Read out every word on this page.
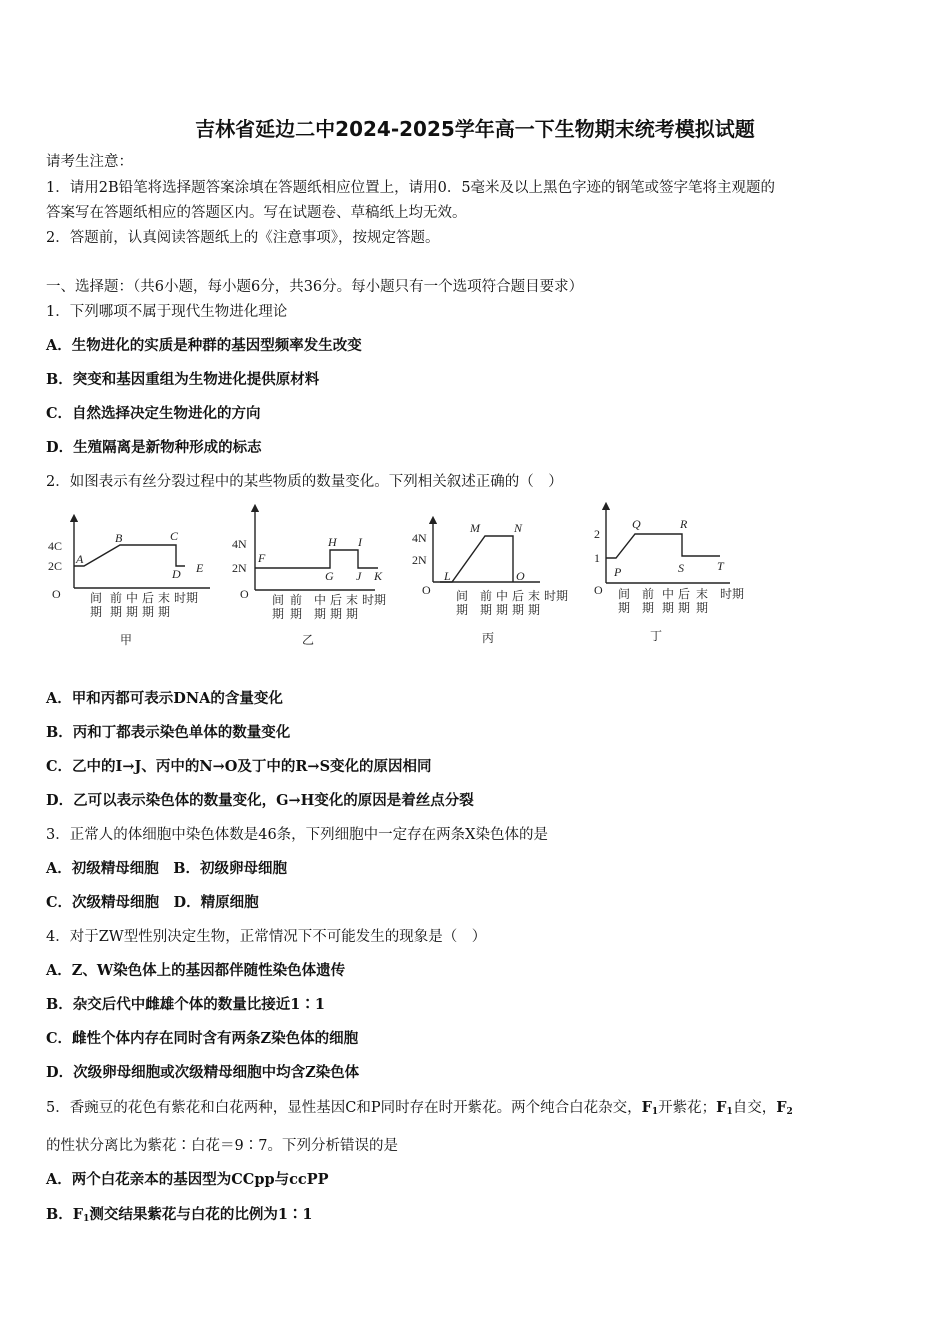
吉林省延边二中2024-2025学年高一下生物期末统考模拟试题
请考生注意：
1．请用2B铅笔将选择题答案涂填在答题纸相应位置上，请用0．5毫米及以上黑色字迹的钢笔或签字笔将主观题的
答案写在答题纸相应的答题区内。写在试题卷、草稿纸上均无效。
2．答题前，认真阅读答题纸上的《注意事项》，按规定答题。
一、选择题：（共6小题，每小题6分，共36分。每小题只有一个选项符合题目要求）
1．下列哪项不属于现代生物进化理论
A．生物进化的实质是种群的基因型频率发生改变
B．突变和基因重组为生物进化提供原材料
C．自然选择决定生物进化的方向
D．生殖隔离是新物种形成的标志
2．如图表示有丝分裂过程中的某些物质的数量变化。下列相关叙述正确的（　）
4C
2C
O
A
B	C
D E
间
期
前
期
中
期
后
期
末
期
时期
甲
4N
2N
O
F
G
H I
J K
间
期
前
期
中
期
后
期
末
期
时期
乙
4N
2N
O
L
M	N
O
间
期
前
期
中
期
后
期
末
期
时期
丙
2
1
O
P
Q	R
S	T
间
期
前
期
中
期
后
期
末
期
时期
丁
A．甲和丙都可表示DNA的含量变化
B．丙和丁都表示染色单体的数量变化
C．乙中的I→J、丙中的N→O及丁中的R→S变化的原因相同
D．乙可以表示染色体的数量变化，G→H变化的原因是着丝点分裂
3．正常人的体细胞中染色体数是46条，下列细胞中一定存在两条X染色体的是
A．初级精母细胞　B．初级卵母细胞
C．次级精母细胞　D．精原细胞
4．对于ZW型性别决定生物，正常情况下不可能发生的现象是（　）
A．Z、W染色体上的基因都伴随性染色体遗传
B．杂交后代中雌雄个体的数量比接近1∶1
C．雌性个体内存在同时含有两条Z染色体的细胞
D．次级卵母细胞或次级精母细胞中均含Z染色体
5．香豌豆的花色有紫花和白花两种，显性基因C和P同时存在时开紫花。两个纯合白花杂交，$F_1$开紫花；$F_1$自交，$F_2$
的性状分离比为紫花∶白花＝9∶7。下列分析错误的是
A．两个白花亲本的基因型为CCpp与ccPP
B．$F_1$测交结果紫花与白花的比例为1∶1
